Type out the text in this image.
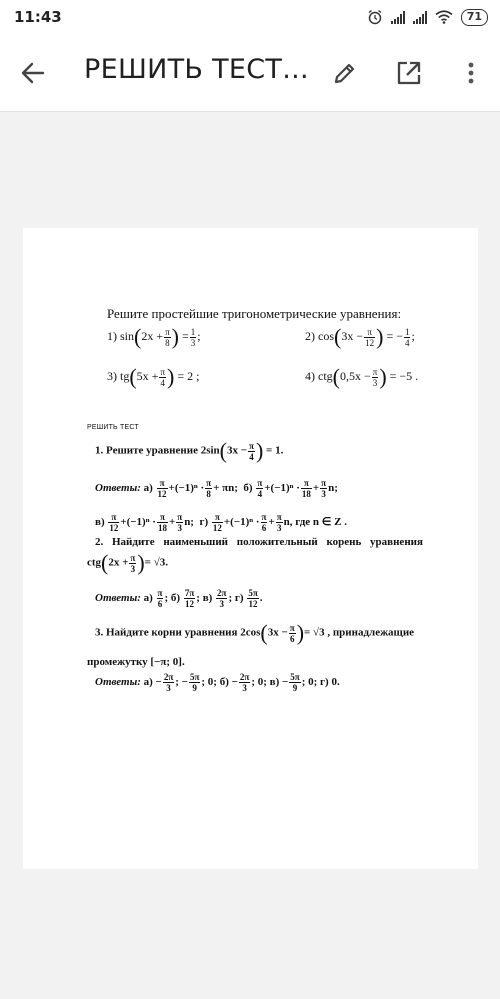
11:43	71
РЕШИТЬ ТЕСТ...
Решите простейшие тригонометрические уравнения:
1) $\sin(2x + \frac{\pi}{8}$ ) = $\frac{1}{3}$ ;	2) $\cos(3x - \frac{\pi}{12}$ ) = − $\frac{1}{4}$ ;
3) $tg(5x + \frac{\pi}{4}$ ) = 2 ;	4) $ctg(0,5x - \frac{\pi}{3}$ ) = −5 .
РЕШИТЬ ТЕСТ
1. Решите уравнение $2\sin(3x - \frac{\pi}{4}$ ) = 1.
Ответы: $а) \frac{\pi}{12} +(-1)^n \cdot \frac{\pi}{8} + \pi n$; $б) \frac{\pi}{4} +(-1)^n \cdot \frac{\pi}{18} + \frac{\pi}{3} n$;
$в) \frac{\pi}{12} +(-1)^n \cdot \frac{\pi}{18} + \frac{\pi}{3} n$; $г) \frac{\pi}{12} +(-1)^n \cdot \frac{\pi}{6} + \frac{\pi}{3} n$, где n ∈ Z .
2. Найдите наименьший положительный корень уравнения
$ctg(2x + \frac{\pi}{3}$ )= √3.
Ответы: $а) \frac{\pi}{6}$ ; $б) \frac{7\pi}{12}$ ; $в) \frac{2\pi}{3}$ ; $г) \frac{5\pi}{12}$ .
3. Найдите корни уравнения $2\cos(3x - \frac{\pi}{6}$ )= √3 , принадлежащие
промежутку [−π; 0].
Ответы: $а) - \frac{2\pi}{3}$ ; − $\frac{5\pi}{9}$ ; 0; $б) - \frac{2\pi}{3}$ ; 0; $в) - \frac{5\pi}{9}$ ; 0; г) 0.
